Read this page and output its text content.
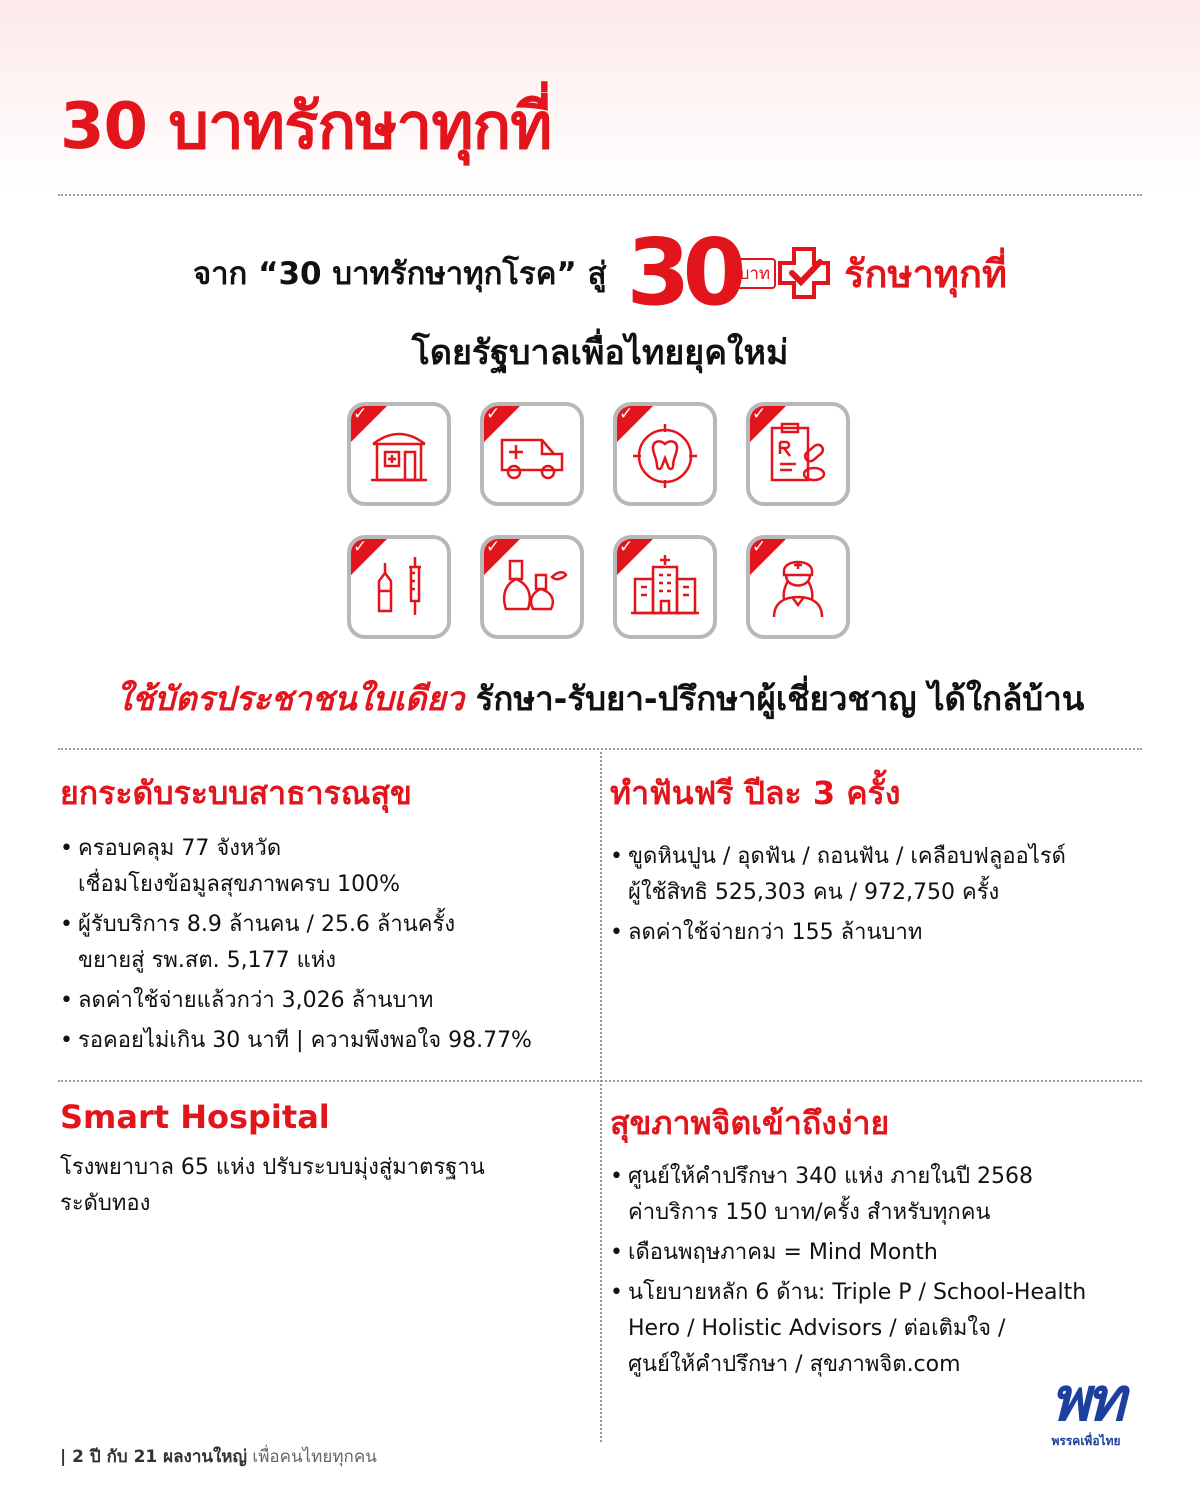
30 บาทรักษาทุกที่
จาก “30 บาทรักษาทุกโรค” สู่ 30 บาท รักษาทุกที่
โดยรัฐบาลเพื่อไทยยุคใหม่
✓	✓	✓	✓
✓	✓	✓	✓
ใช้บัตรประชาชนใบเดียว รักษา-รับยา-ปรึกษาผู้เชี่ยวชาญ ได้ใกล้บ้าน
ยกระดับระบบสาธารณสุข
• ครอบคลุม 77 จังหวัด
เชื่อมโยงข้อมูลสุขภาพครบ 100%
• ผู้รับบริการ 8.9 ล้านคน / 25.6 ล้านครั้ง
ขยายสู่ รพ.สต. 5,177 แห่ง
• ลดค่าใช้จ่ายแล้วกว่า 3,026 ล้านบาท
• รอคอยไม่เกิน 30 นาที | ความพึงพอใจ 98.77%
ทำฟันฟรี ปีละ 3 ครั้ง
• ขูดหินปูน / อุดฟัน / ถอนฟัน / เคลือบฟลูออไรด์
ผู้ใช้สิทธิ 525,303 คน / 972,750 ครั้ง
• ลดค่าใช้จ่ายกว่า 155 ล้านบาท
Smart Hospital
โรงพยาบาล 65 แห่ง ปรับระบบมุ่งสู่มาตรฐาน
ระดับทอง
สุขภาพจิตเข้าถึงง่าย
• ศูนย์ให้คำปรึกษา 340 แห่ง ภายในปี 2568
ค่าบริการ 150 บาท/ครั้ง สำหรับทุกคน
• เดือนพฤษภาคม = Mind Month
• นโยบายหลัก 6 ด้าน: Triple P / School-Health
Hero / Holistic Advisors / ต่อเติมใจ /
ศูนย์ให้คำปรึกษา / สุขภาพจิต.com
| 2 ปี กับ 21 ผลงานใหญ่ เพื่อคนไทยทุกคน
พท
พรรคเพื่อไทย
